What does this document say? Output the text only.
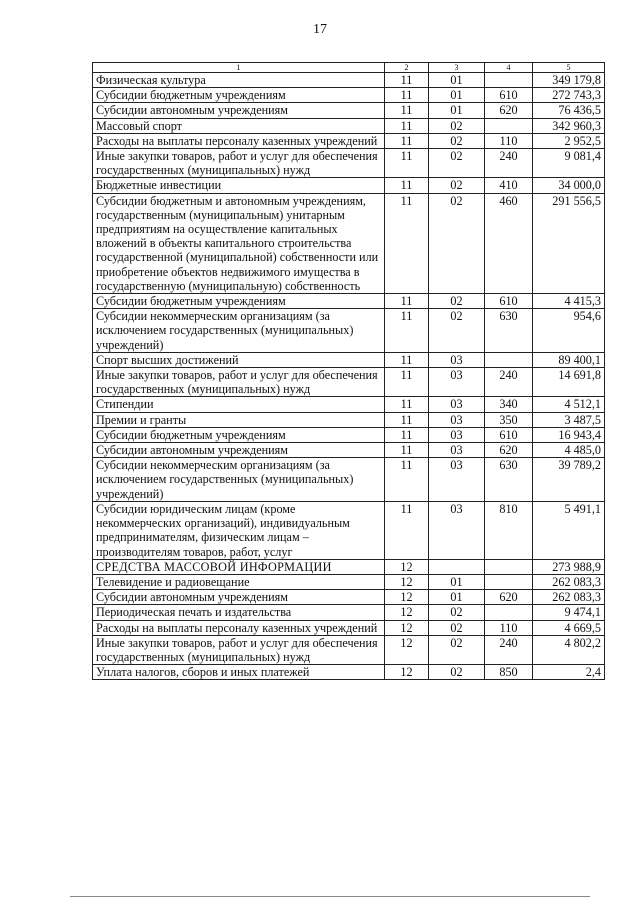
17
1	2	3	4	5
Физическая культура	11	01		349 179,8
Субсидии бюджетным учреждениям	11	01	610	272 743,3
Субсидии автономным учреждениям	11	01	620	76 436,5
Массовый спорт	11	02		342 960,3
Расходы на выплаты персоналу казенных учреждений	11	02	110	2 952,5
Иные закупки товаров, работ и услуг для обеспечения государственных (муниципальных) нужд	11	02	240	9 081,4
Бюджетные инвестиции	11	02	410	34 000,0
Субсидии бюджетным и автономным учреждениям, государственным (муниципальным) унитарным предприятиям на осуществление капитальных вложений в объекты капитального строительства государственной (муниципальной) собственности или приобретение объектов недвижимого имущества в государственную (муниципальную) собственность	11	02	460	291 556,5
Субсидии бюджетным учреждениям	11	02	610	4 415,3
Субсидии некоммерческим организациям (за исключением государственных (муниципальных) учреждений)	11	02	630	954,6
Спорт высших достижений	11	03		89 400,1
Иные закупки товаров, работ и услуг для обеспечения государственных (муниципальных) нужд	11	03	240	14 691,8
Стипендии	11	03	340	4 512,1
Премии и гранты	11	03	350	3 487,5
Субсидии бюджетным учреждениям	11	03	610	16 943,4
Субсидии автономным учреждениям	11	03	620	4 485,0
Субсидии некоммерческим организациям (за исключением государственных (муниципальных) учреждений)	11	03	630	39 789,2
Субсидии юридическим лицам (кроме некоммерческих организаций), индивидуальным предпринимателям, физическим лицам – производителям товаров, работ, услуг	11	03	810	5 491,1
СРЕДСТВА МАССОВОЙ ИНФОРМАЦИИ	12			273 988,9
Телевидение и радиовещание	12	01		262 083,3
Субсидии автономным учреждениям	12	01	620	262 083,3
Периодическая печать и издательства	12	02		9 474,1
Расходы на выплаты персоналу казенных учреждений	12	02	110	4 669,5
Иные закупки товаров, работ и услуг для обеспечения государственных (муниципальных) нужд	12	02	240	4 802,2
Уплата налогов, сборов и иных платежей	12	02	850	2,4
